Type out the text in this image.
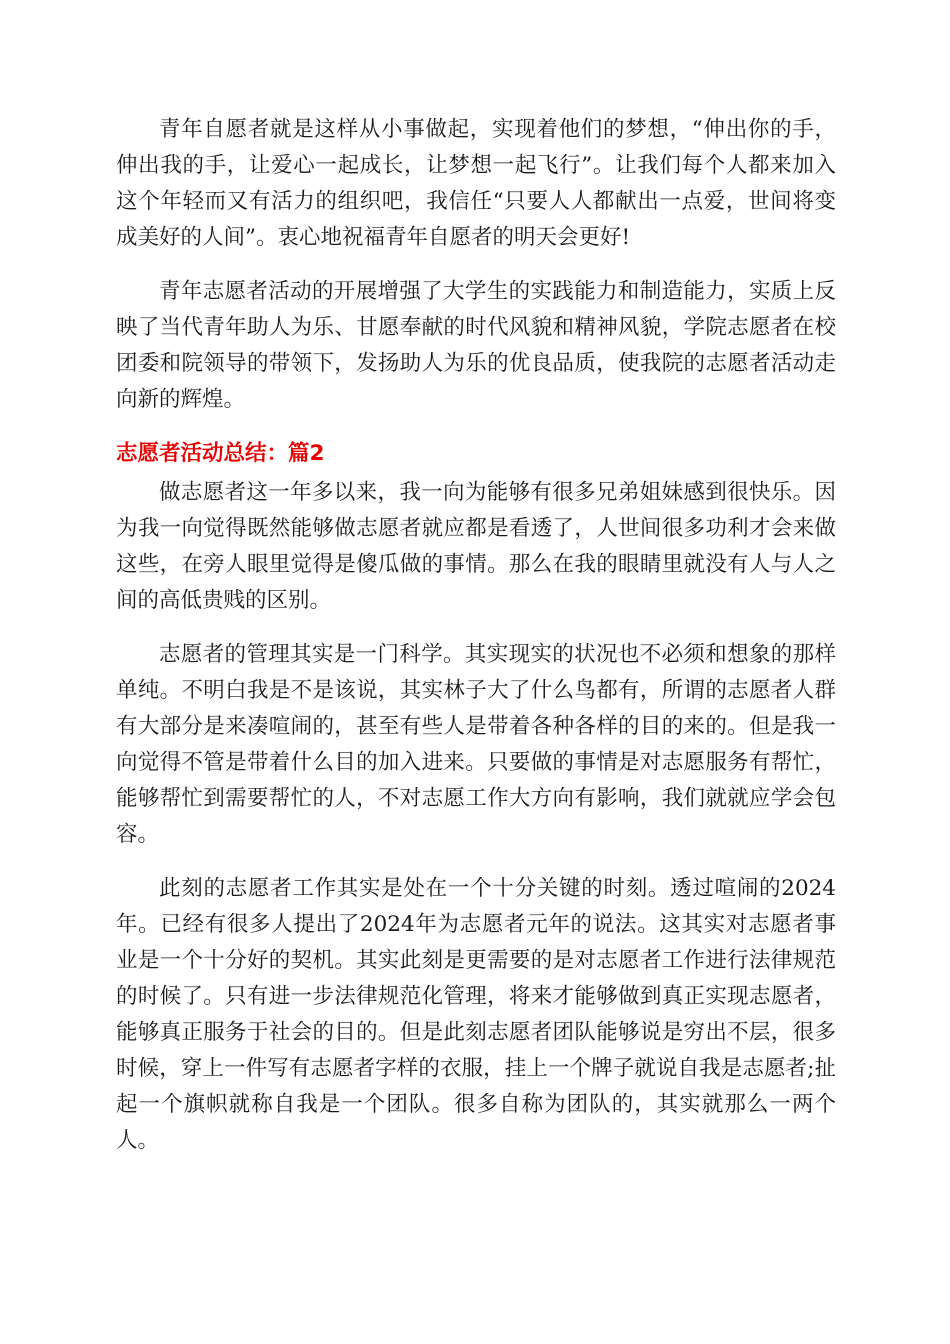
青年自愿者就是这样从小事做起，实现着他们的梦想，“伸出你的手，伸出我的手，让爱心一起成长，让梦想一起飞行”。让我们每个人都来加入这个年轻而又有活力的组织吧，我信任“只要人人都献出一点爱，世间将变成美好的人间”。衷心地祝福青年自愿者的明天会更好!

青年志愿者活动的开展增强了大学生的实践能力和制造能力，实质上反映了当代青年助人为乐、甘愿奉献的时代风貌和精神风貌，学院志愿者在校团委和院领导的带领下，发扬助人为乐的优良品质，使我院的志愿者活动走向新的辉煌。

志愿者活动总结：篇2

做志愿者这一年多以来，我一向为能够有很多兄弟姐妹感到很快乐。因为我一向觉得既然能够做志愿者就应都是看透了，人世间很多功利才会来做这些，在旁人眼里觉得是傻瓜做的事情。那么在我的眼睛里就没有人与人之间的高低贵贱的区别。

志愿者的管理其实是一门科学。其实现实的状况也不必须和想象的那样单纯。不明白我是不是该说，其实林子大了什么鸟都有，所谓的志愿者人群有大部分是来凑喧闹的，甚至有些人是带着各种各样的目的来的。但是我一向觉得不管是带着什么目的加入进来。只要做的事情是对志愿服务有帮忙，能够帮忙到需要帮忙的人，不对志愿工作大方向有影响，我们就就应学会包容。

此刻的志愿者工作其实是处在一个十分关键的时刻。透过喧闹的2024年。已经有很多人提出了2024年为志愿者元年的说法。这其实对志愿者事业是一个十分好的契机。其实此刻是更需要的是对志愿者工作进行法律规范的时候了。只有进一步法律规范化管理，将来才能够做到真正实现志愿者，能够真正服务于社会的目的。但是此刻志愿者团队能够说是穷出不层，很多时候，穿上一件写有志愿者字样的衣服，挂上一个牌子就说自我是志愿者;扯起一个旗帜就称自我是一个团队。很多自称为团队的，其实就那么一两个人。
